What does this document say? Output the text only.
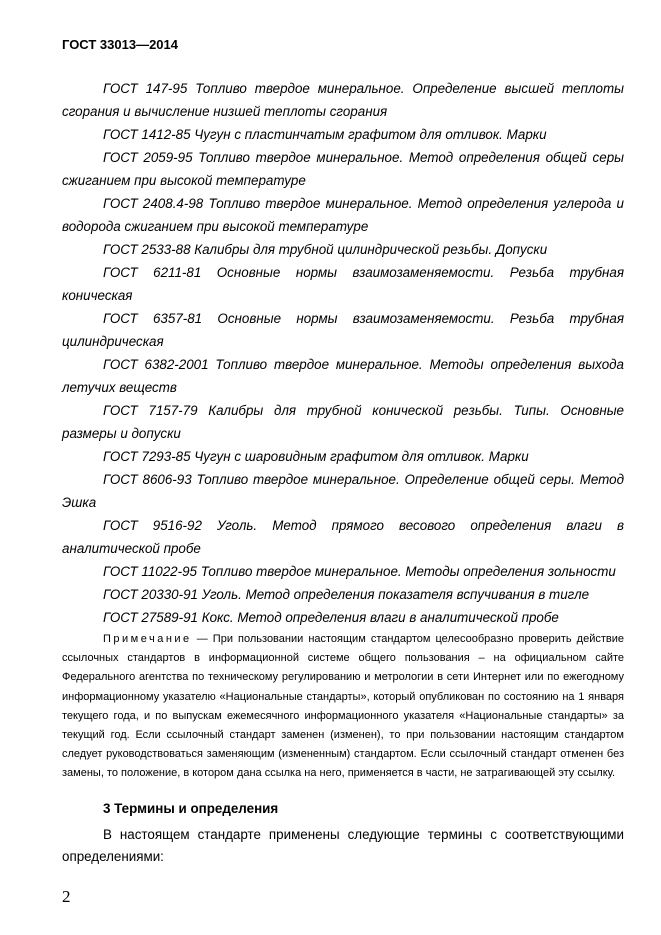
ГОСТ 33013—2014

ГОСТ 147-95 Топливо твердое минеральное. Определение высшей теплоты сгорания и вычисление низшей теплоты сгорания

ГОСТ 1412-85 Чугун с пластинчатым графитом для отливок. Марки

ГОСТ 2059-95 Топливо твердое минеральное. Метод определения общей серы сжиганием при высокой температуре

ГОСТ 2408.4-98 Топливо твердое минеральное. Метод определения углерода и водорода сжиганием при высокой температуре

ГОСТ 2533-88 Калибры для трубной цилиндрической резьбы. Допуски

ГОСТ 6211-81 Основные нормы взаимозаменяемости. Резьба трубная коническая

ГОСТ 6357-81 Основные нормы взаимозаменяемости. Резьба трубная цилиндрическая

ГОСТ 6382-2001 Топливо твердое минеральное. Методы определения выхода летучих веществ

ГОСТ 7157-79 Калибры для трубной конической резьбы. Типы. Основные размеры и допуски

ГОСТ 7293-85 Чугун с шаровидным графитом для отливок. Марки

ГОСТ 8606-93 Топливо твердое минеральное. Определение общей серы. Метод Эшка

ГОСТ 9516-92 Уголь. Метод прямого весового определения влаги в аналитической пробе

ГОСТ 11022-95 Топливо твердое минеральное. Методы определения зольности

ГОСТ 20330-91 Уголь. Метод определения показателя вспучивания в тигле

ГОСТ 27589-91 Кокс. Метод определения влаги в аналитической пробе

Примечание — При пользовании настоящим стандартом целесообразно проверить действие ссылочных стандартов в информационной системе общего пользования – на официальном сайте Федерального агентства по техническому регулированию и метрологии в сети Интернет или по ежегодному информационному указателю «Национальные стандарты», который опубликован по состоянию на 1 января текущего года, и по выпускам ежемесячного информационного указателя «Национальные стандарты» за текущий год. Если ссылочный стандарт заменен (изменен), то при пользовании настоящим стандартом следует руководствоваться заменяющим (измененным) стандартом. Если ссылочный стандарт отменен без замены, то положение, в котором дана ссылка на него, применяется в части, не затрагивающей эту ссылку.

3 Термины и определения

В настоящем стандарте применены следующие термины с соответствующими определениями:

2
